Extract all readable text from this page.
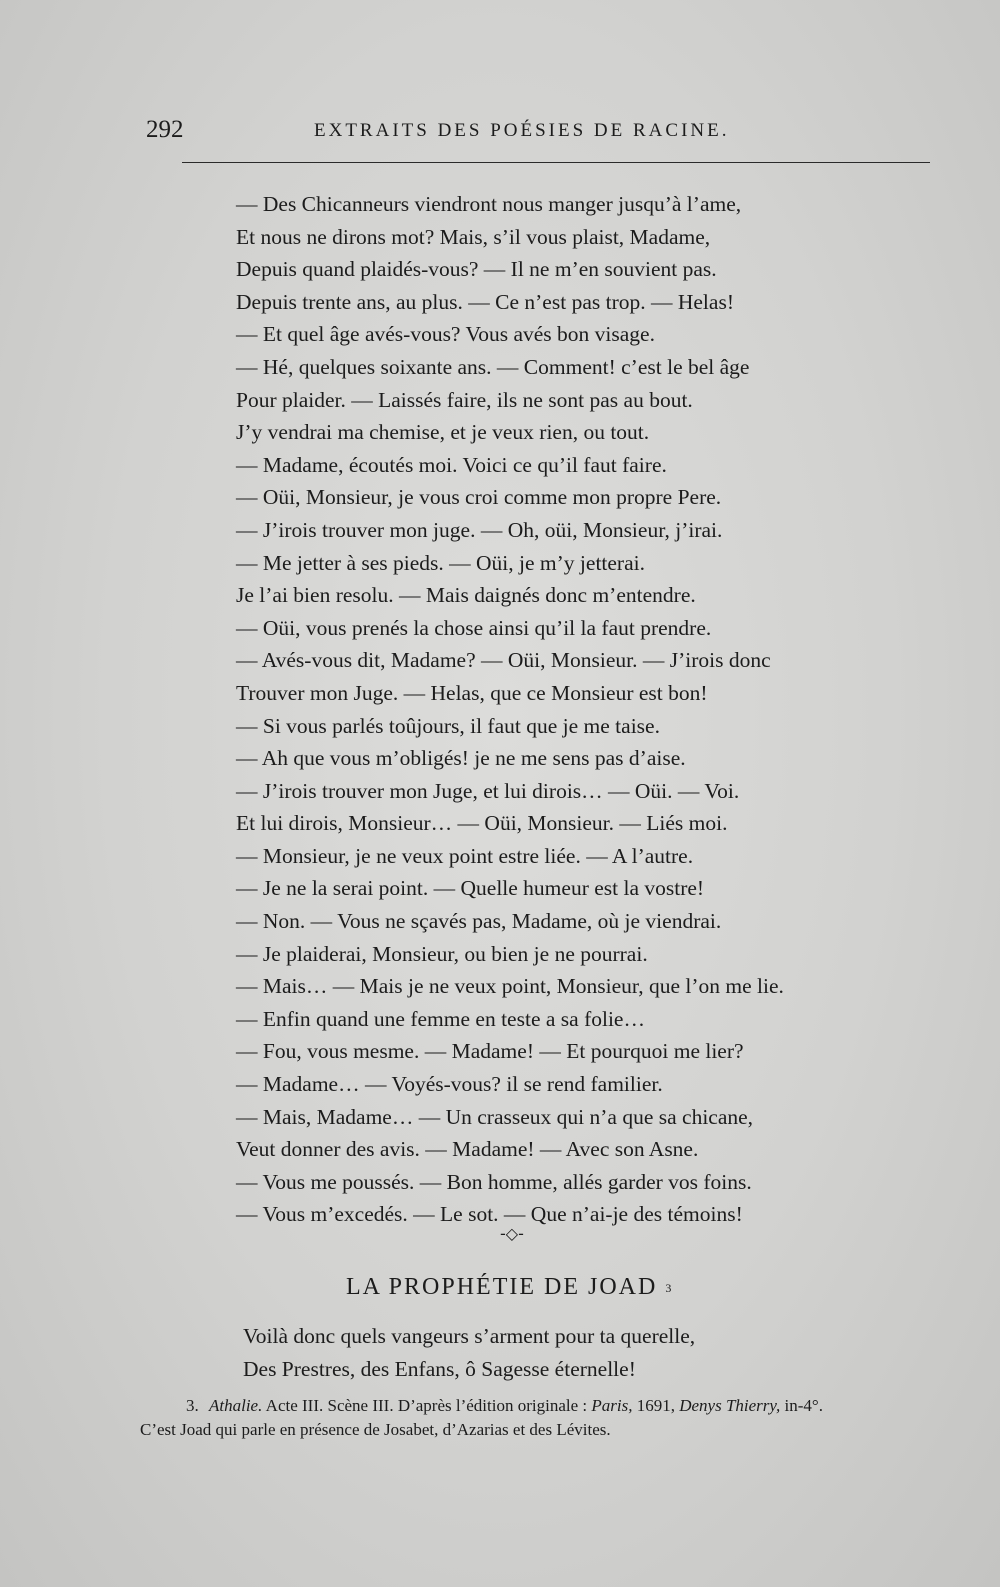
292	EXTRAITS DES POÉSIES DE RACINE.
— Des Chicanneurs viendront nous manger jusqu’à l’ame,
Et nous ne dirons mot? Mais, s’il vous plaist, Madame,
Depuis quand plaidés-vous? — Il ne m’en souvient pas.
Depuis trente ans, au plus. — Ce n’est pas trop. — Helas!
— Et quel âge avés-vous? Vous avés bon visage.
— Hé, quelques soixante ans. — Comment! c’est le bel âge
Pour plaider. — Laissés faire, ils ne sont pas au bout.
J’y vendrai ma chemise, et je veux rien, ou tout.
— Madame, écoutés moi. Voici ce qu’il faut faire.
— Oüi, Monsieur, je vous croi comme mon propre Pere.
— J’irois trouver mon juge. — Oh, oüi, Monsieur, j’irai.
— Me jetter à ses pieds. — Oüi, je m’y jetterai.
Je l’ai bien resolu. — Mais daignés donc m’entendre.
— Oüi, vous prenés la chose ainsi qu’il la faut prendre.
— Avés-vous dit, Madame? — Oüi, Monsieur. — J’irois donc
Trouver mon Juge. — Helas, que ce Monsieur est bon!
— Si vous parlés toûjours, il faut que je me taise.
— Ah que vous m’obligés! je ne me sens pas d’aise.
— J’irois trouver mon Juge, et lui dirois… — Oüi. — Voi.
Et lui dirois, Monsieur… — Oüi, Monsieur. — Liés moi.
— Monsieur, je ne veux point estre liée. — A l’autre.
— Je ne la serai point. — Quelle humeur est la vostre!
— Non. — Vous ne sçavés pas, Madame, où je viendrai.
— Je plaiderai, Monsieur, ou bien je ne pourrai.
— Mais… — Mais je ne veux point, Monsieur, que l’on me lie.
— Enfin quand une femme en teste a sa folie…
— Fou, vous mesme. — Madame! — Et pourquoi me lier?
— Madame… — Voyés-vous? il se rend familier.
— Mais, Madame… — Un crasseux qui n’a que sa chicane,
Veut donner des avis. — Madame! — Avec son Asne.
— Vous me poussés. — Bon homme, allés garder vos foins.
— Vous m’excedés. — Le sot. — Que n’ai-je des témoins!
-◇-
LA PROPHÉTIE DE JOAD 3
Voilà donc quels vangeurs s’arment pour ta querelle,
Des Prestres, des Enfans, ô Sagesse éternelle!
3. Athalie. Acte III. Scène III. D’après l’édition originale : Paris, 1691, Denys Thierry, in-4°.
C’est Joad qui parle en présence de Josabet, d’Azarias et des Lévites.
